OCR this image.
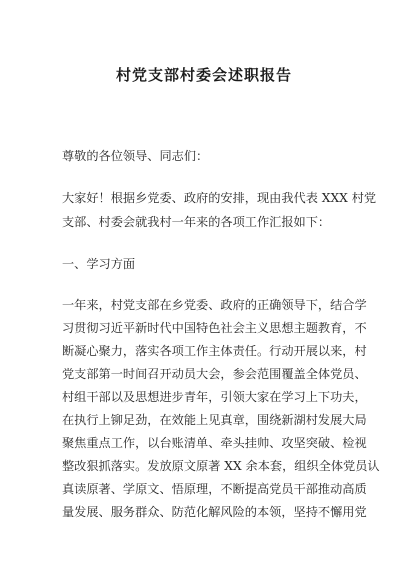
村党支部村委会述职报告
尊敬的各位领导、同志们：
大家好！根据乡党委、政府的安排，现由我代表 XXX 村党
支部、村委会就我村一年来的各项工作汇报如下：
一、学习方面
一年来，村党支部在乡党委、政府的正确领导下，结合学
习贯彻习近平新时代中国特色社会主义思想主题教育，不
断凝心聚力，落实各项工作主体责任。行动开展以来，村
党支部第一时间召开动员大会，参会范围覆盖全体党员、
村组干部以及思想进步青年，引领大家在学习上下功夫，
在执行上铆足劲，在效能上见真章，围绕新湖村发展大局
聚焦重点工作，以台账清单、牵头挂帅、攻坚突破、检视
整改狠抓落实。发放原文原著 XX 余本套，组织全体党员认
真读原著、学原文、悟原理，不断提高党员干部推动高质
量发展、服务群众、防范化解风险的本领，坚持不懈用党
